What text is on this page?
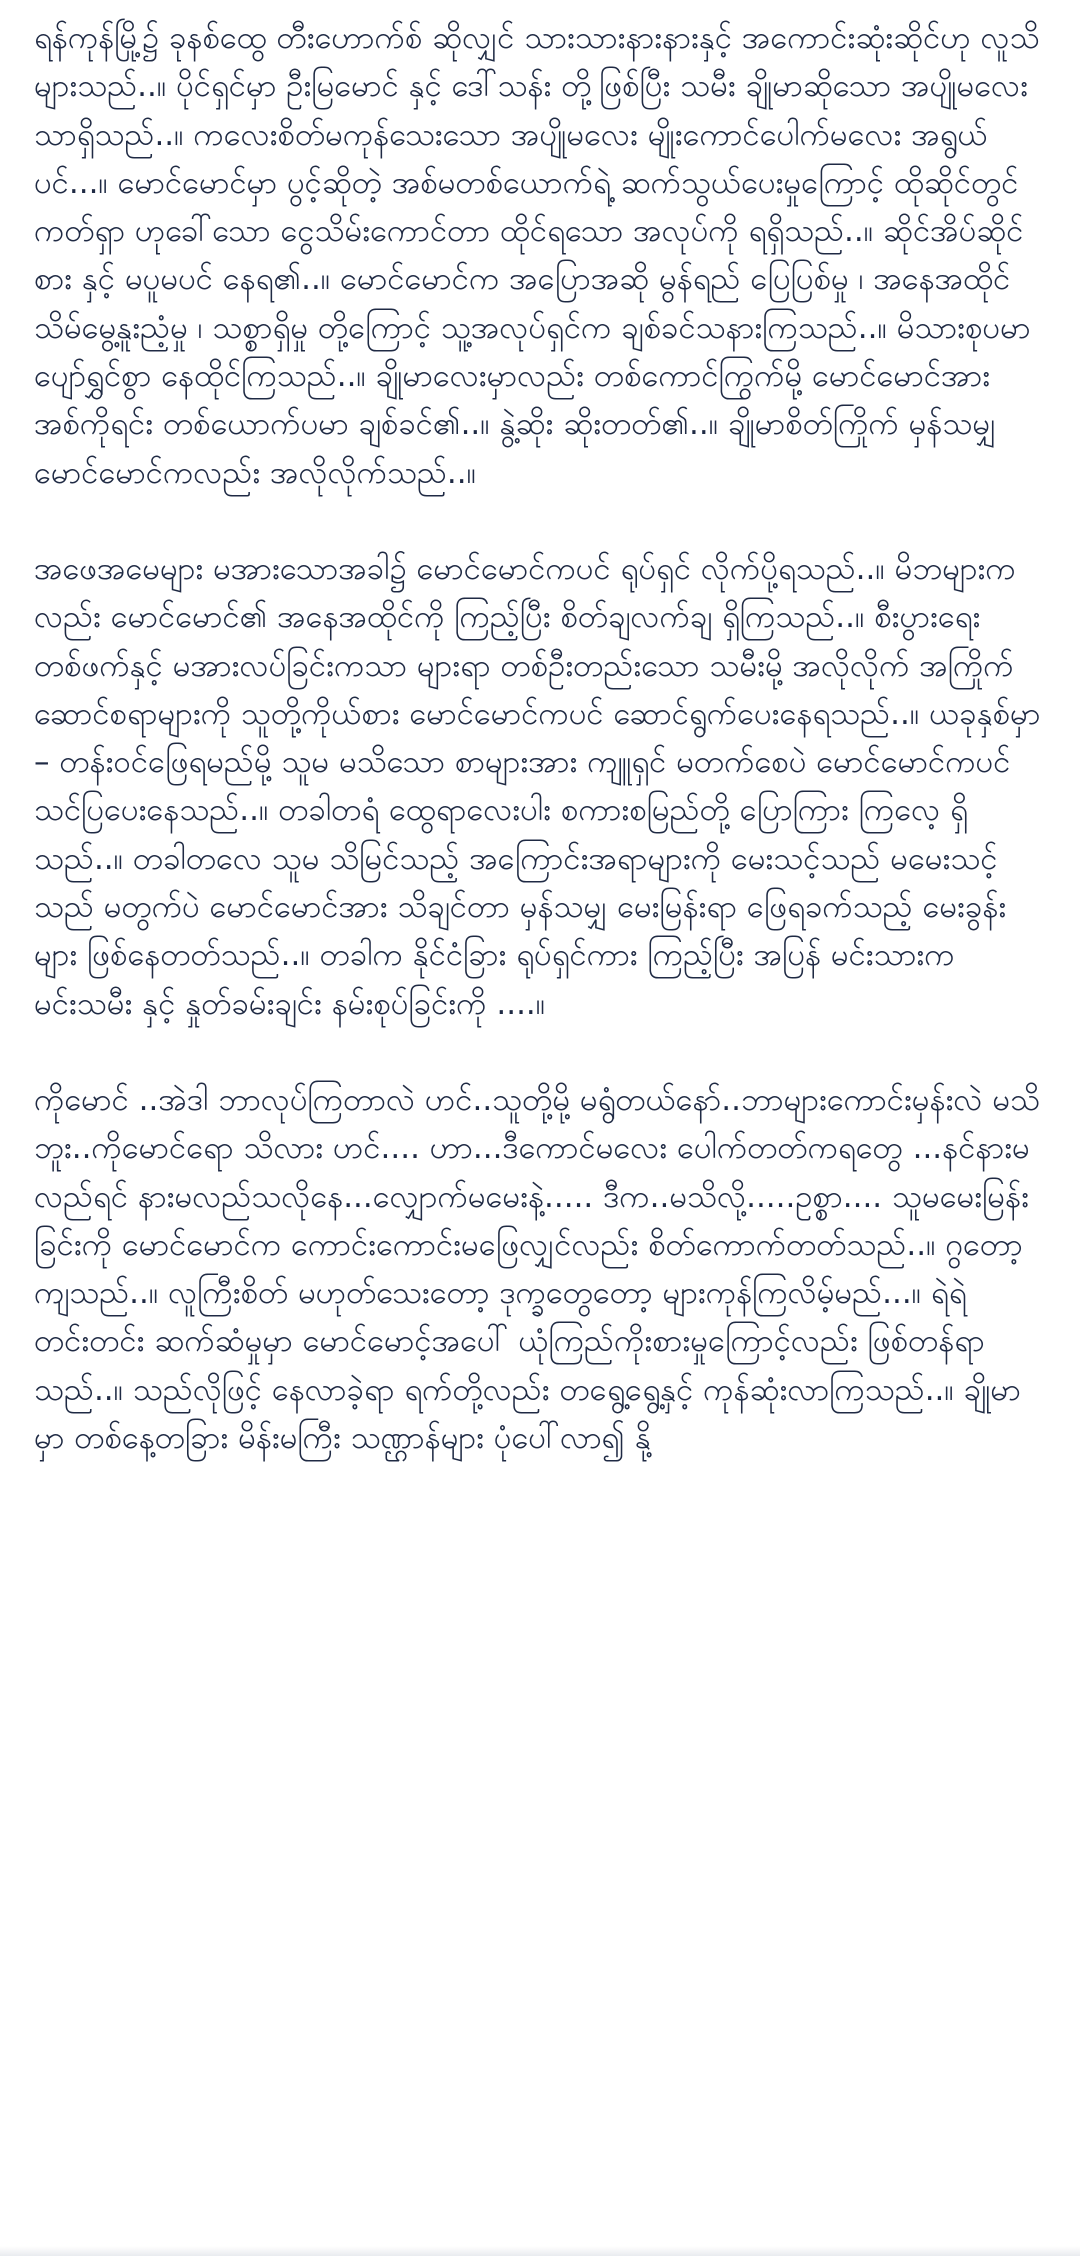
ရန်ကုန်မြို့၌ ခုနစ်ထွေ တီးဟောက်စ် ဆိုလျှင် သားသားနားနားနှင့် အကောင်းဆုံးဆိုင်ဟု လူသိများသည်..။ ပိုင်ရှင်မှာ ဦးမြမောင် နှင့် ဒေါ်သန်း တို့ဖြစ်ပြီး သမီး ချိုမာဆိုသော အပျိုမလေး သာရှိသည်..။ ကလေးစိတ်မကုန်သေးသော အပျိုမလေး မျိုးကောင်ပေါက်မလေး အရွယ်ပင်...။ မောင်မောင်မှာ ပွင့်ဆိုတဲ့ အစ်မတစ်ယောက်ရဲ့ ဆက်သွယ်ပေးမှုကြောင့် ထိုဆိုင်တွင် ကတ်ရှာ ဟုခေါ်သော ငွေသိမ်းကောင်တာ ထိုင်ရသော အလုပ်ကို ရရှိသည်..။ ဆိုင်အိပ်ဆိုင်စား နှင့် မပူမပင် နေရ၏..။ မောင်မောင်က အပြောအဆို မွန်ရည် ပြေပြစ်မှု ၊ အနေအထိုင် သိမ်မွေ့နူးညံ့မှု ၊ သစ္စာရှိမှု တို့ကြောင့် သူ့အလုပ်ရှင်က ချစ်ခင်သနားကြသည်..။ မိသားစုပမာ ပျော်ရွှင်စွာ နေထိုင်ကြသည်..။ ချိုမာလေးမှာလည်း တစ်ကောင်ကြွက်မို့ မောင်မောင်အား အစ်ကိုရင်း တစ်ယောက်ပမာ ချစ်ခင်၏..။ နွဲ့ဆိုး ဆိုးတတ်၏..။ ချိုမာစိတ်ကြိုက် မှန်သမျှ မောင်မောင်ကလည်း အလိုလိုက်သည်..။

အဖေအမေများ မအားသောအခါ၌ မောင်မောင်ကပင် ရုပ်ရှင် လိုက်ပို့ရသည်..။ မိဘများကလည်း မောင်မောင်၏ အနေအထိုင်ကို ကြည့်ပြီး စိတ်ချလက်ချ ရှိကြသည်..။ စီးပွားရေးတစ်ဖက်နှင့် မအားလပ်ခြင်းကသာ များရာ တစ်ဦးတည်းသော သမီးမို့ အလိုလိုက် အကြိုက်ဆောင်စရာများကို သူတို့ကိုယ်စား မောင်မောင်ကပင် ဆောင်ရွက်ပေးနေရသည်..။ ယခုနှစ်မှာ – တန်းဝင်ဖြေရမည်မို့ သူမ မသိသော စာများအား ကျူရှင် မတက်စေပဲ မောင်မောင်ကပင် သင်ပြပေးနေသည်..။ တခါတရံ ထွေရာလေးပါး စကားစမြည်တို့ ပြောကြား ကြလေ့ ရှိသည်..။ တခါတလေ သူမ သိမြင်သည့် အကြောင်းအရာများကို မေးသင့်သည် မမေးသင့်သည် မတွက်ပဲ မောင်မောင်အား သိချင်တာ မှန်သမျှ မေးမြန်းရာ ဖြေရခက်သည့် မေးခွန်းများ ဖြစ်နေတတ်သည်..။ တခါက နိုင်ငံခြား ရုပ်ရှင်ကား ကြည့်ပြီး အပြန် မင်းသားက မင်းသမီး နှင့် နှုတ်ခမ်းချင်း နမ်းစုပ်ခြင်းကို ....။

ကိုမောင် ..အဲဒါ ဘာလုပ်ကြတာလဲ ဟင်..သူတို့မို့ မရွံတယ်နော်..ဘာများကောင်းမှန်းလဲ မသိဘူး..ကိုမောင်ရော သိလား ဟင်.... ဟာ...ဒီကောင်မလေး ပေါက်တတ်ကရတွေ ...နင်နားမလည်ရင် နားမလည်သလိုနေ...လျှောက်မမေးနဲ့..... ဒီက..မသိလို့.....ဥစ္စာ.... သူမမေးမြန်းခြင်းကို မောင်မောင်က ကောင်းကောင်းမဖြေလျှင်လည်း စိတ်ကောက်တတ်သည်..။ ဂွတော့ ကျသည်..။ လူကြီးစိတ် မဟုတ်သေးတော့ ဒုက္ခတွေတော့ များကုန်ကြလိမ့်မည်...။ ရဲရဲတင်းတင်း ဆက်ဆံမှုမှာ မောင်မောင့်အပေါ် ယုံကြည်ကိုးစားမှုကြောင့်လည်း ဖြစ်တန်ရာသည်..။ သည်လိုဖြင့် နေလာခဲ့ရာ ရက်တို့လည်း တရွေ့ရွေ့နှင့် ကုန်ဆုံးလာကြသည်..။ ချိုမာမှာ တစ်နေ့တခြား မိန်းမကြီး သဏ္ဌာန်များ ပုံပေါ်လာ၍ နို့
